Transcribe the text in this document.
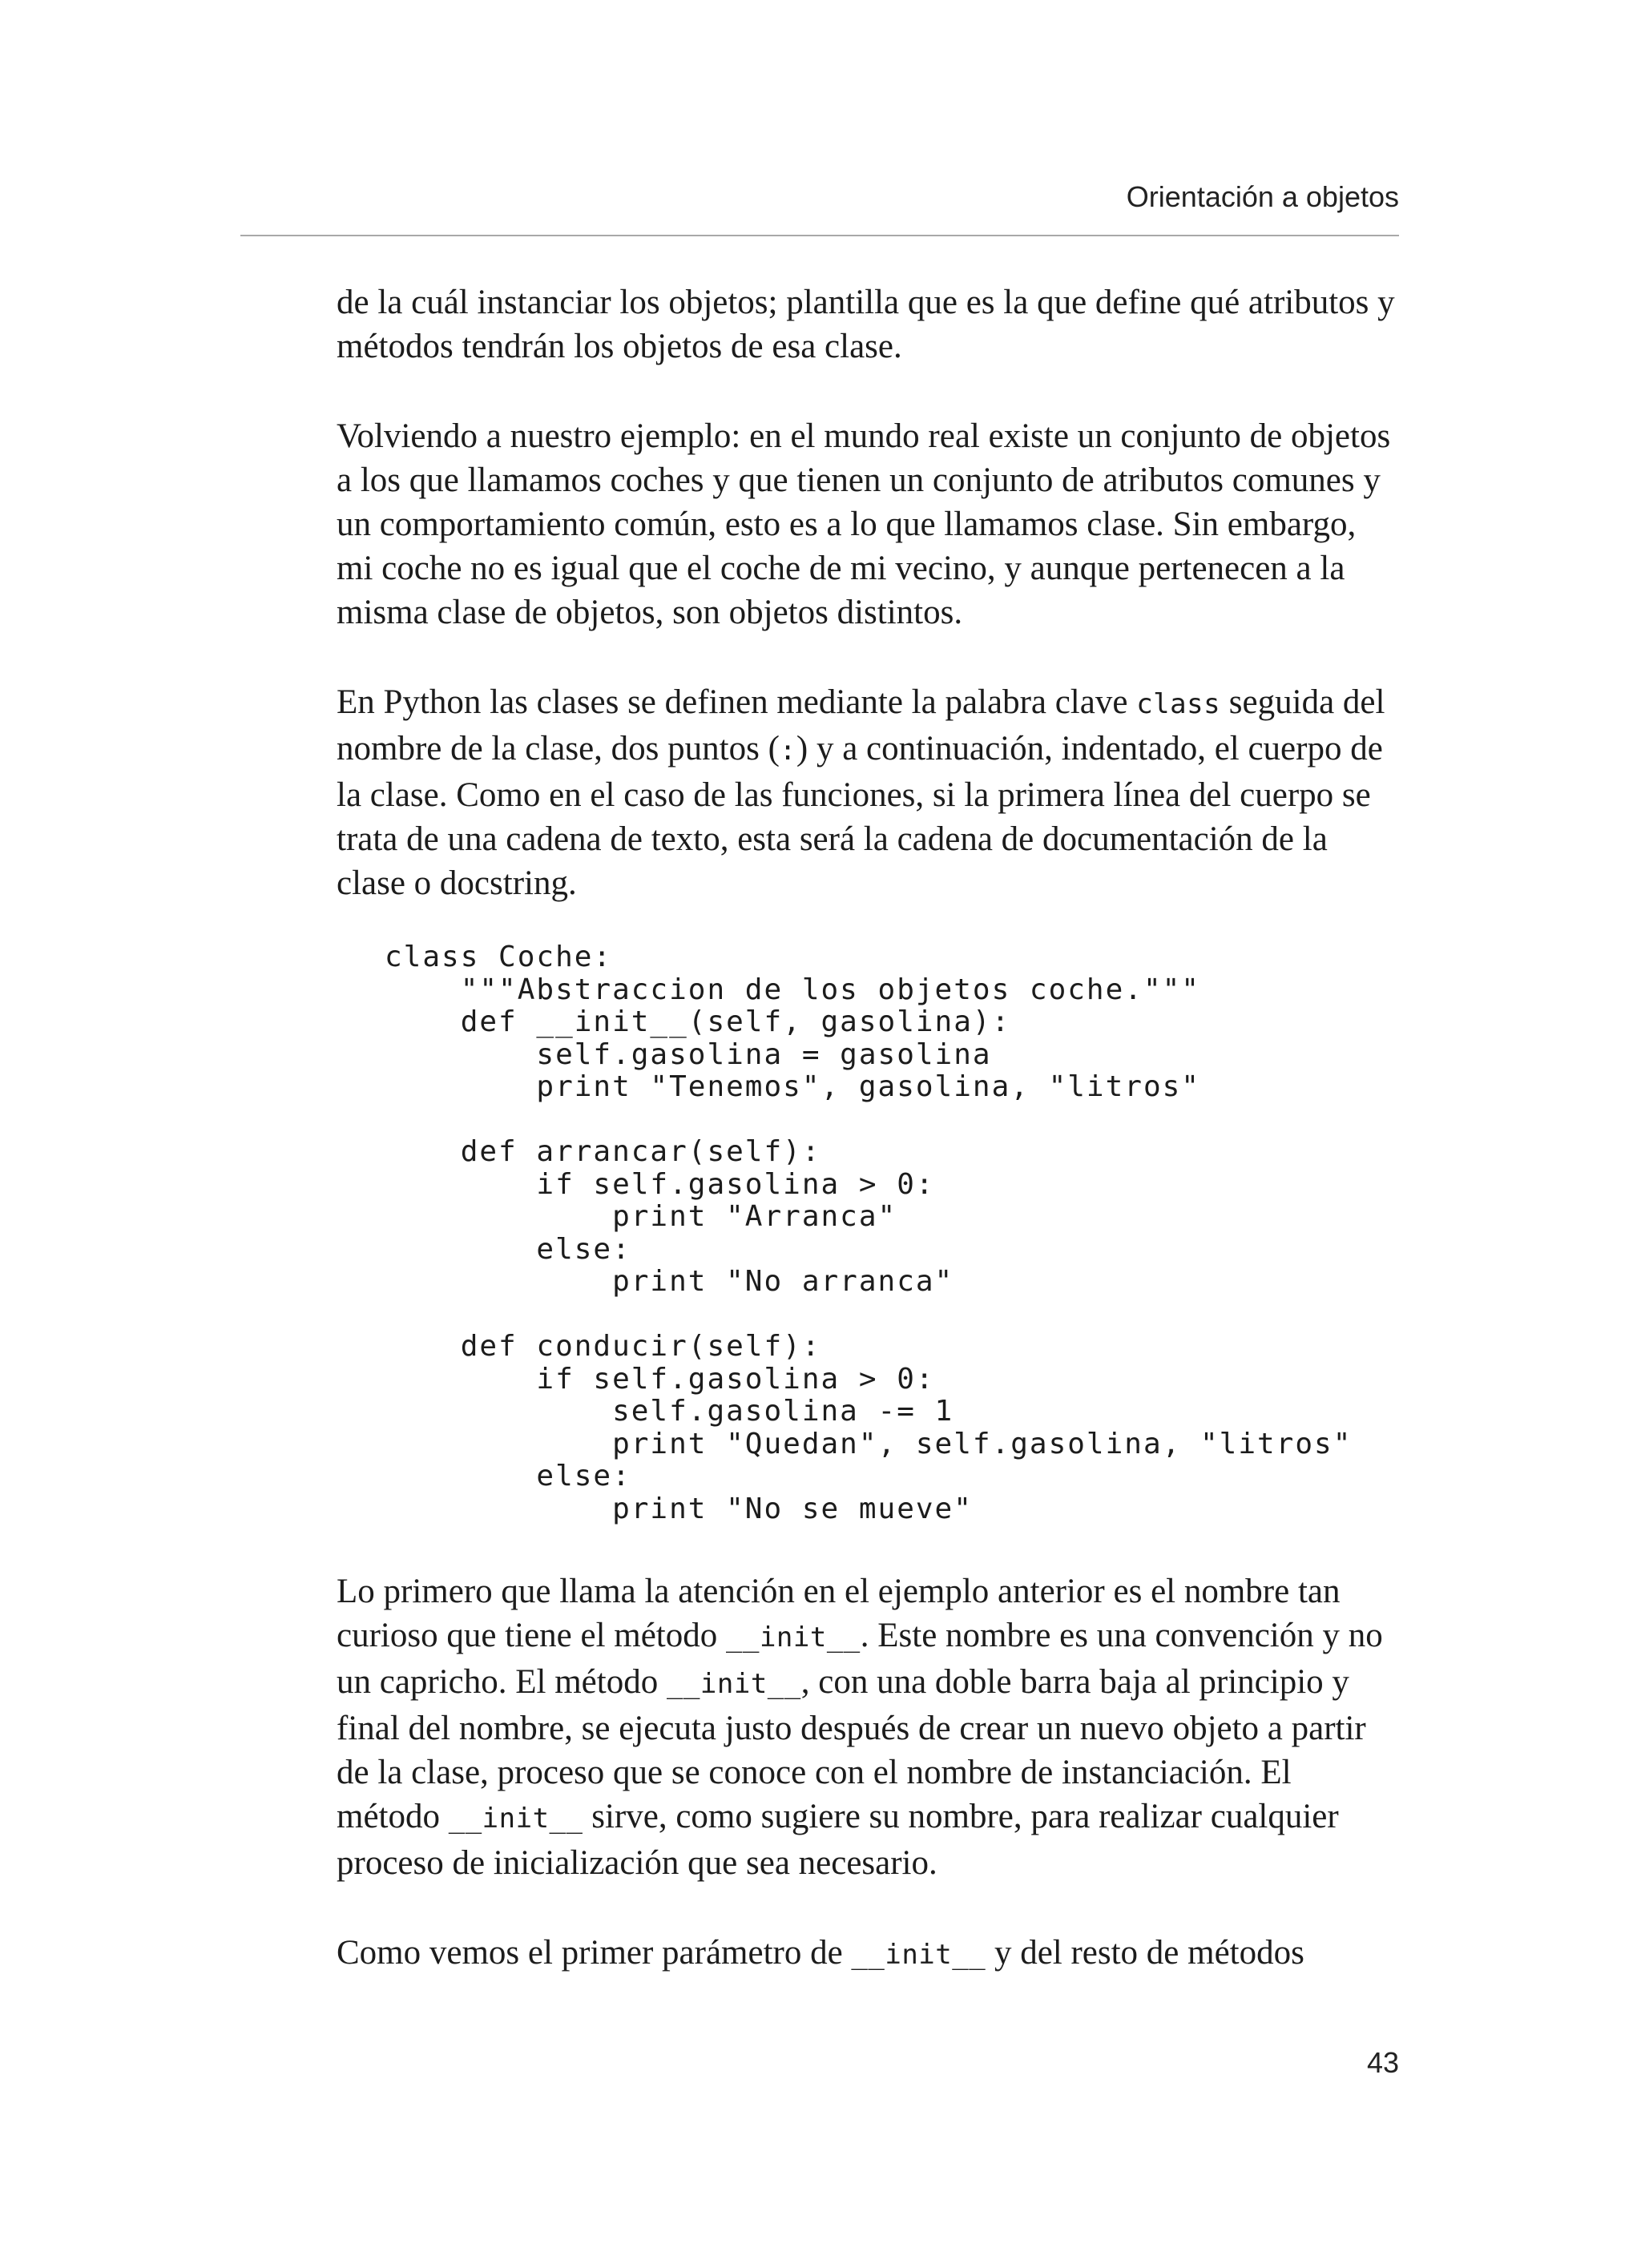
Orientación a objetos

de la cuál instanciar los objetos; plantilla que es la que define qué atributos y métodos tendrán los objetos de esa clase.

Volviendo a nuestro ejemplo: en el mundo real existe un conjunto de objetos a los que llamamos coches y que tienen un conjunto de atributos comunes y un comportamiento común, esto es a lo que llamamos clase. Sin embargo, mi coche no es igual que el coche de mi vecino, y aunque pertenecen a la misma clase de objetos, son objetos distintos.

En Python las clases se definen mediante la palabra clave class seguida del nombre de la clase, dos puntos (:) y a continuación, indentado, el cuerpo de la clase. Como en el caso de las funciones, si la primera línea del cuerpo se trata de una cadena de texto, esta será la cadena de documentación de la clase o docstring.

class Coche:
"""Abstraccion de los objetos coche."""
def __init__(self, gasolina):
self.gasolina = gasolina
print "Tenemos", gasolina, "litros"

def arrancar(self):
if self.gasolina > 0:
print "Arranca"
else:
print "No arranca"

def conducir(self):
if self.gasolina > 0:
self.gasolina -= 1
print "Quedan", self.gasolina, "litros"
else:
print "No se mueve"

Lo primero que llama la atención en el ejemplo anterior es el nombre tan curioso que tiene el método __init__. Este nombre es una convención y no un capricho. El método __init__, con una doble barra baja al principio y final del nombre, se ejecuta justo después de crear un nuevo objeto a partir de la clase, proceso que se conoce con el nombre de instanciación. El método __init__ sirve, como sugiere su nombre, para realizar cualquier proceso de inicialización que sea necesario.

Como vemos el primer parámetro de __init__ y del resto de métodos

43
